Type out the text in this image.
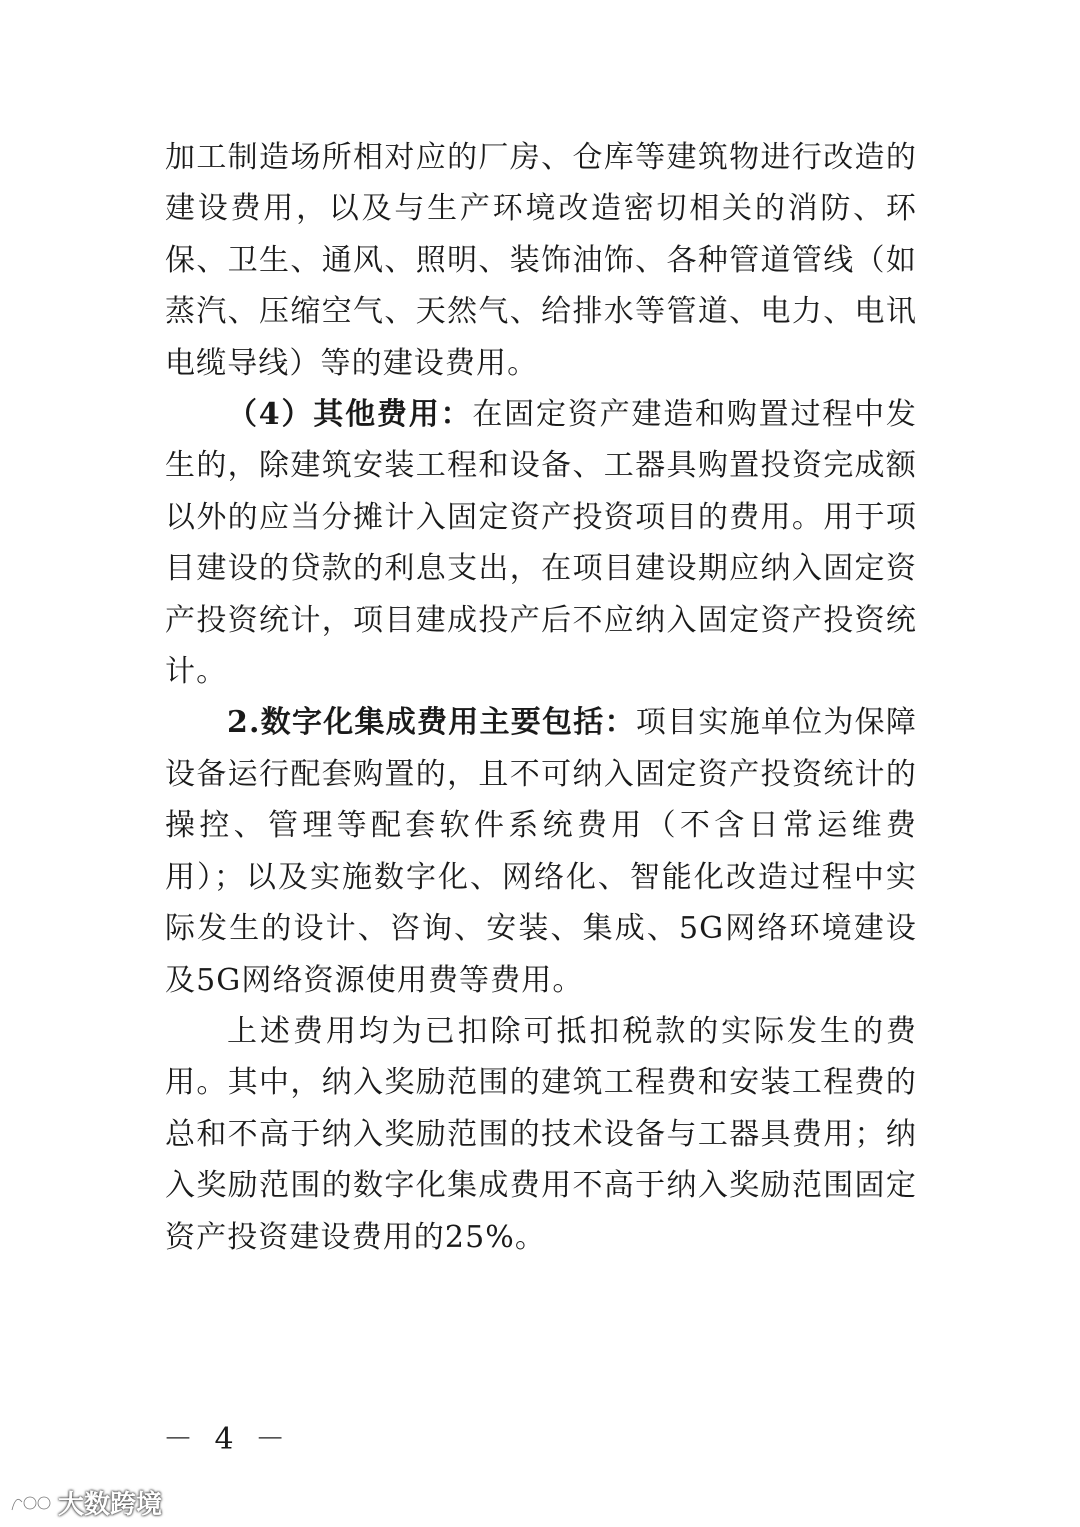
加工制造场所相对应的厂房、仓库等建筑物进行改造的建设费用，以及与生产环境改造密切相关的消防、环保、卫生、通风、照明、装饰油饰、各种管道管线（如蒸汽、压缩空气、天然气、给排水等管道、电力、电讯电缆导线）等的建设费用。

（4）其他费用：在固定资产建造和购置过程中发生的，除建筑安装工程和设备、工器具购置投资完成额以外的应当分摊计入固定资产投资项目的费用。用于项目建设的贷款的利息支出，在项目建设期应纳入固定资产投资统计，项目建成投产后不应纳入固定资产投资统计。

2.数字化集成费用主要包括：项目实施单位为保障设备运行配套购置的，且不可纳入固定资产投资统计的操控、管理等配套软件系统费用（不含日常运维费用）；以及实施数字化、网络化、智能化改造过程中实际发生的设计、咨询、安装、集成、5G网络环境建设及5G网络资源使用费等费用。

上述费用均为已扣除可抵扣税款的实际发生的费用。其中，纳入奖励范围的建筑工程费和安装工程费的总和不高于纳入奖励范围的技术设备与工器具费用；纳入奖励范围的数字化集成费用不高于纳入奖励范围固定资产投资建设费用的25%。

－ 4 －
大数跨境
